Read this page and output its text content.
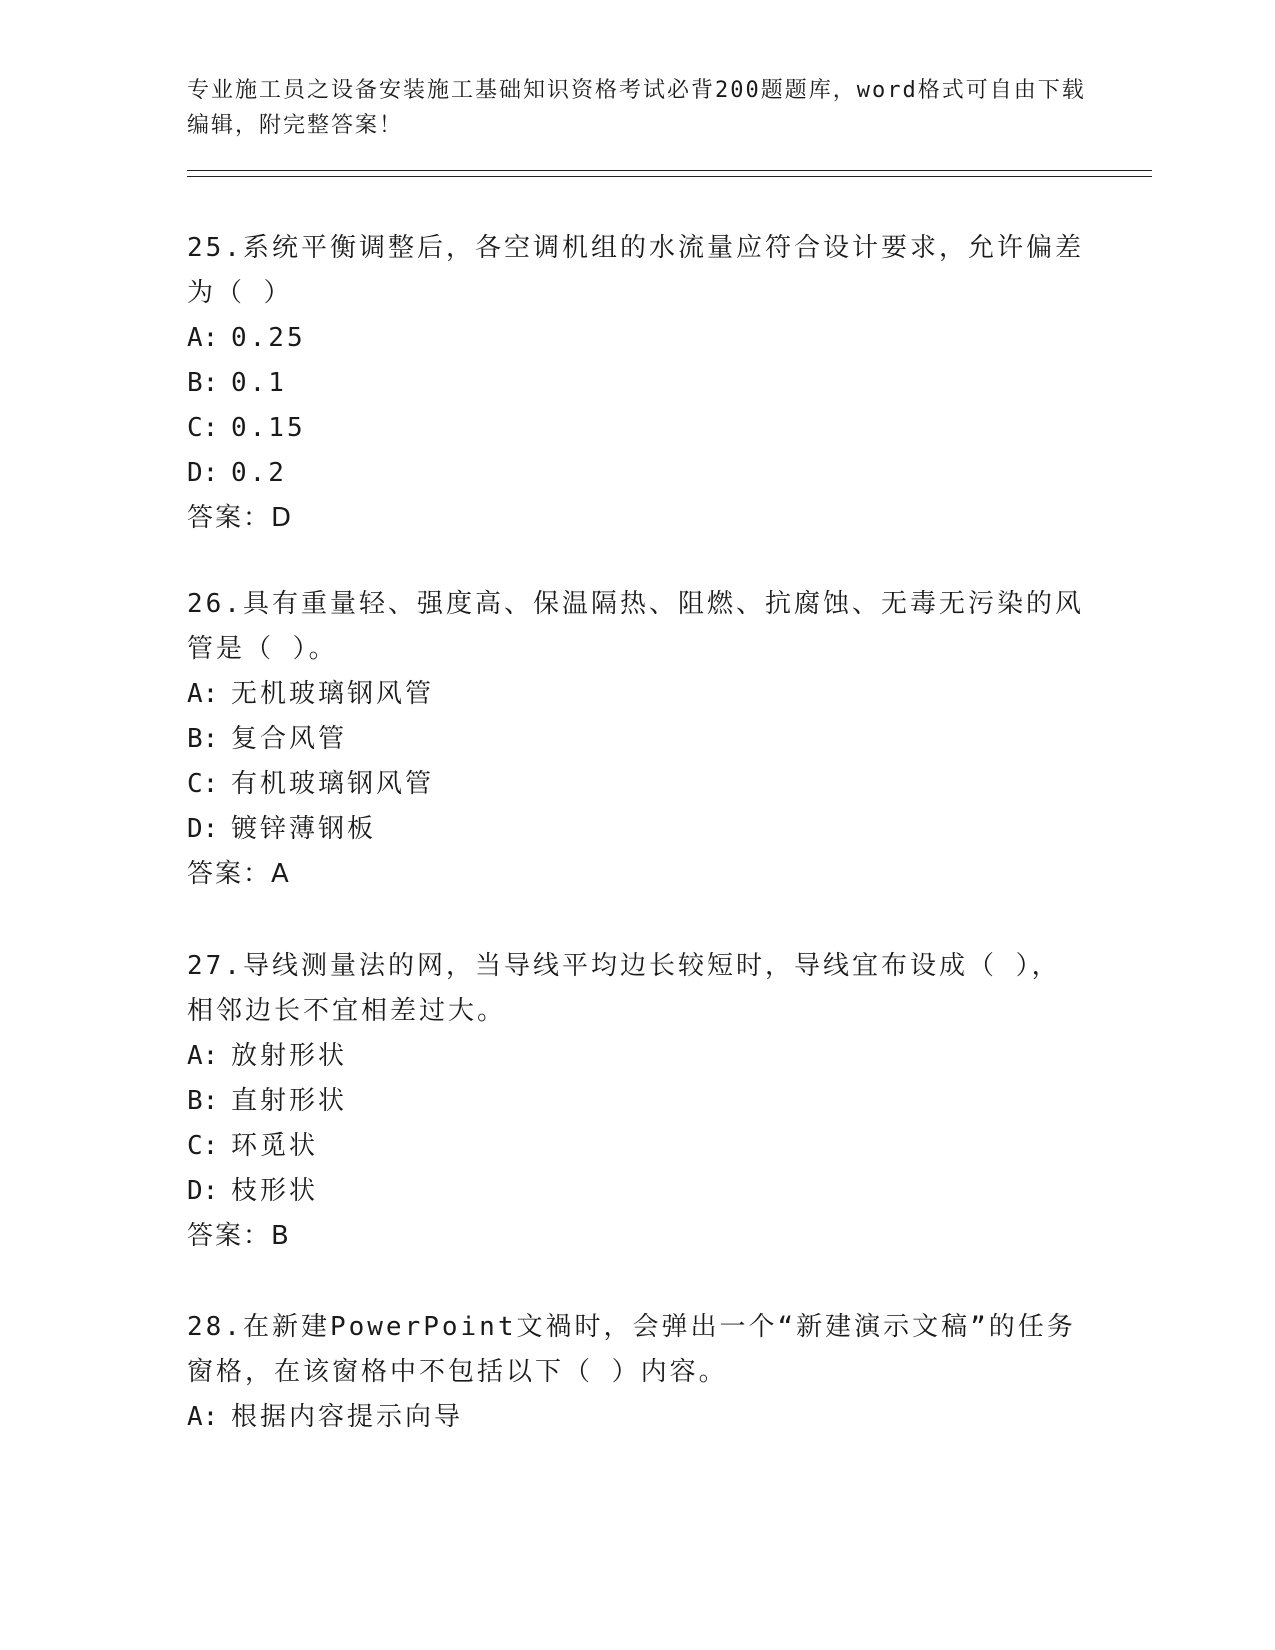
专业施工员之设备安装施工基础知识资格考试必背200题题库，word格式可自由下载编辑，附完整答案！
25.系统平衡调整后，各空调机组的水流量应符合设计要求，允许偏差为（ ）
A: 0.25
B: 0.1
C: 0.15
D: 0.2
答案：D
26.具有重量轻、强度高、保温隔热、阻燃、抗腐蚀、无毒无污染的风管是（ ）。
A: 无机玻璃钢风管
B: 复合风管
C: 有机玻璃钢风管
D: 镀锌薄钢板
答案：A
27.导线测量法的网，当导线平均边长较短时，导线宜布设成（ ），相邻边长不宜相差过大。
A: 放射形状
B: 直射形状
C: 环觅状
D: 枝形状
答案：B
28.在新建PowerPoint文禍时，会弹出一个“新建演示文稿”的任务窗格，在该窗格中不包括以下（ ）内容。
A: 根据内容提示向导
